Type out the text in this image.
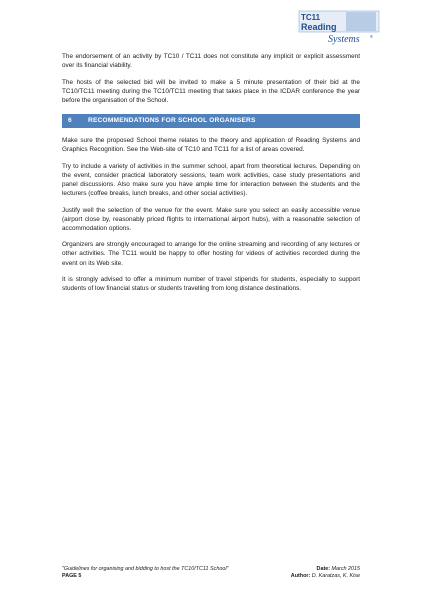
TC11
Reading
Systems	®

The endorsement of an activity by TC10 / TC11 does not constitute any implicit or explicit assessment over its financial viability.

The hosts of the selected bid will be invited to make a 5 minute presentation of their bid at the TC10/TC11 meeting during the TC10/TC11 meeting that takes place in the ICDAR conference the year before the organisation of the School.

6 RECOMMENDATIONS FOR SCHOOL ORGANISERS

Make sure the proposed School theme relates to the theory and application of Reading Systems and Graphics Recognition. See the Web-site of TC10 and TC11 for a list of areas covered.

Try to include a variety of activities in the summer school, apart from theoretical lectures. Depending on the event, consider practical laboratory sessions, team work activities, case study presentations and panel discussions. Also make sure you have ample time for interaction between the students and the lecturers (coffee breaks, lunch breaks, and other social activities).

Justify well the selection of the venue for the event. Make sure you select an easily accessible venue (airport close by, reasonably priced flights to international airport hubs), with a reasonable selection of accommodation options.

Organizers are strongly encouraged to arrange for the online streaming and recording of any lectures or other activities. The TC11 would be happy to offer hosting for videos of activities recorded during the event on its Web site.

It is strongly advised to offer a minimum number of travel stipends for students, especially to support students of low financial status or students travelling from long distance destinations.

"Guidelines for organising and bidding to host the TC10/TC11 School"
PAGE 5
Date: March 2015
Author: D. Karatzas, K. Kise
